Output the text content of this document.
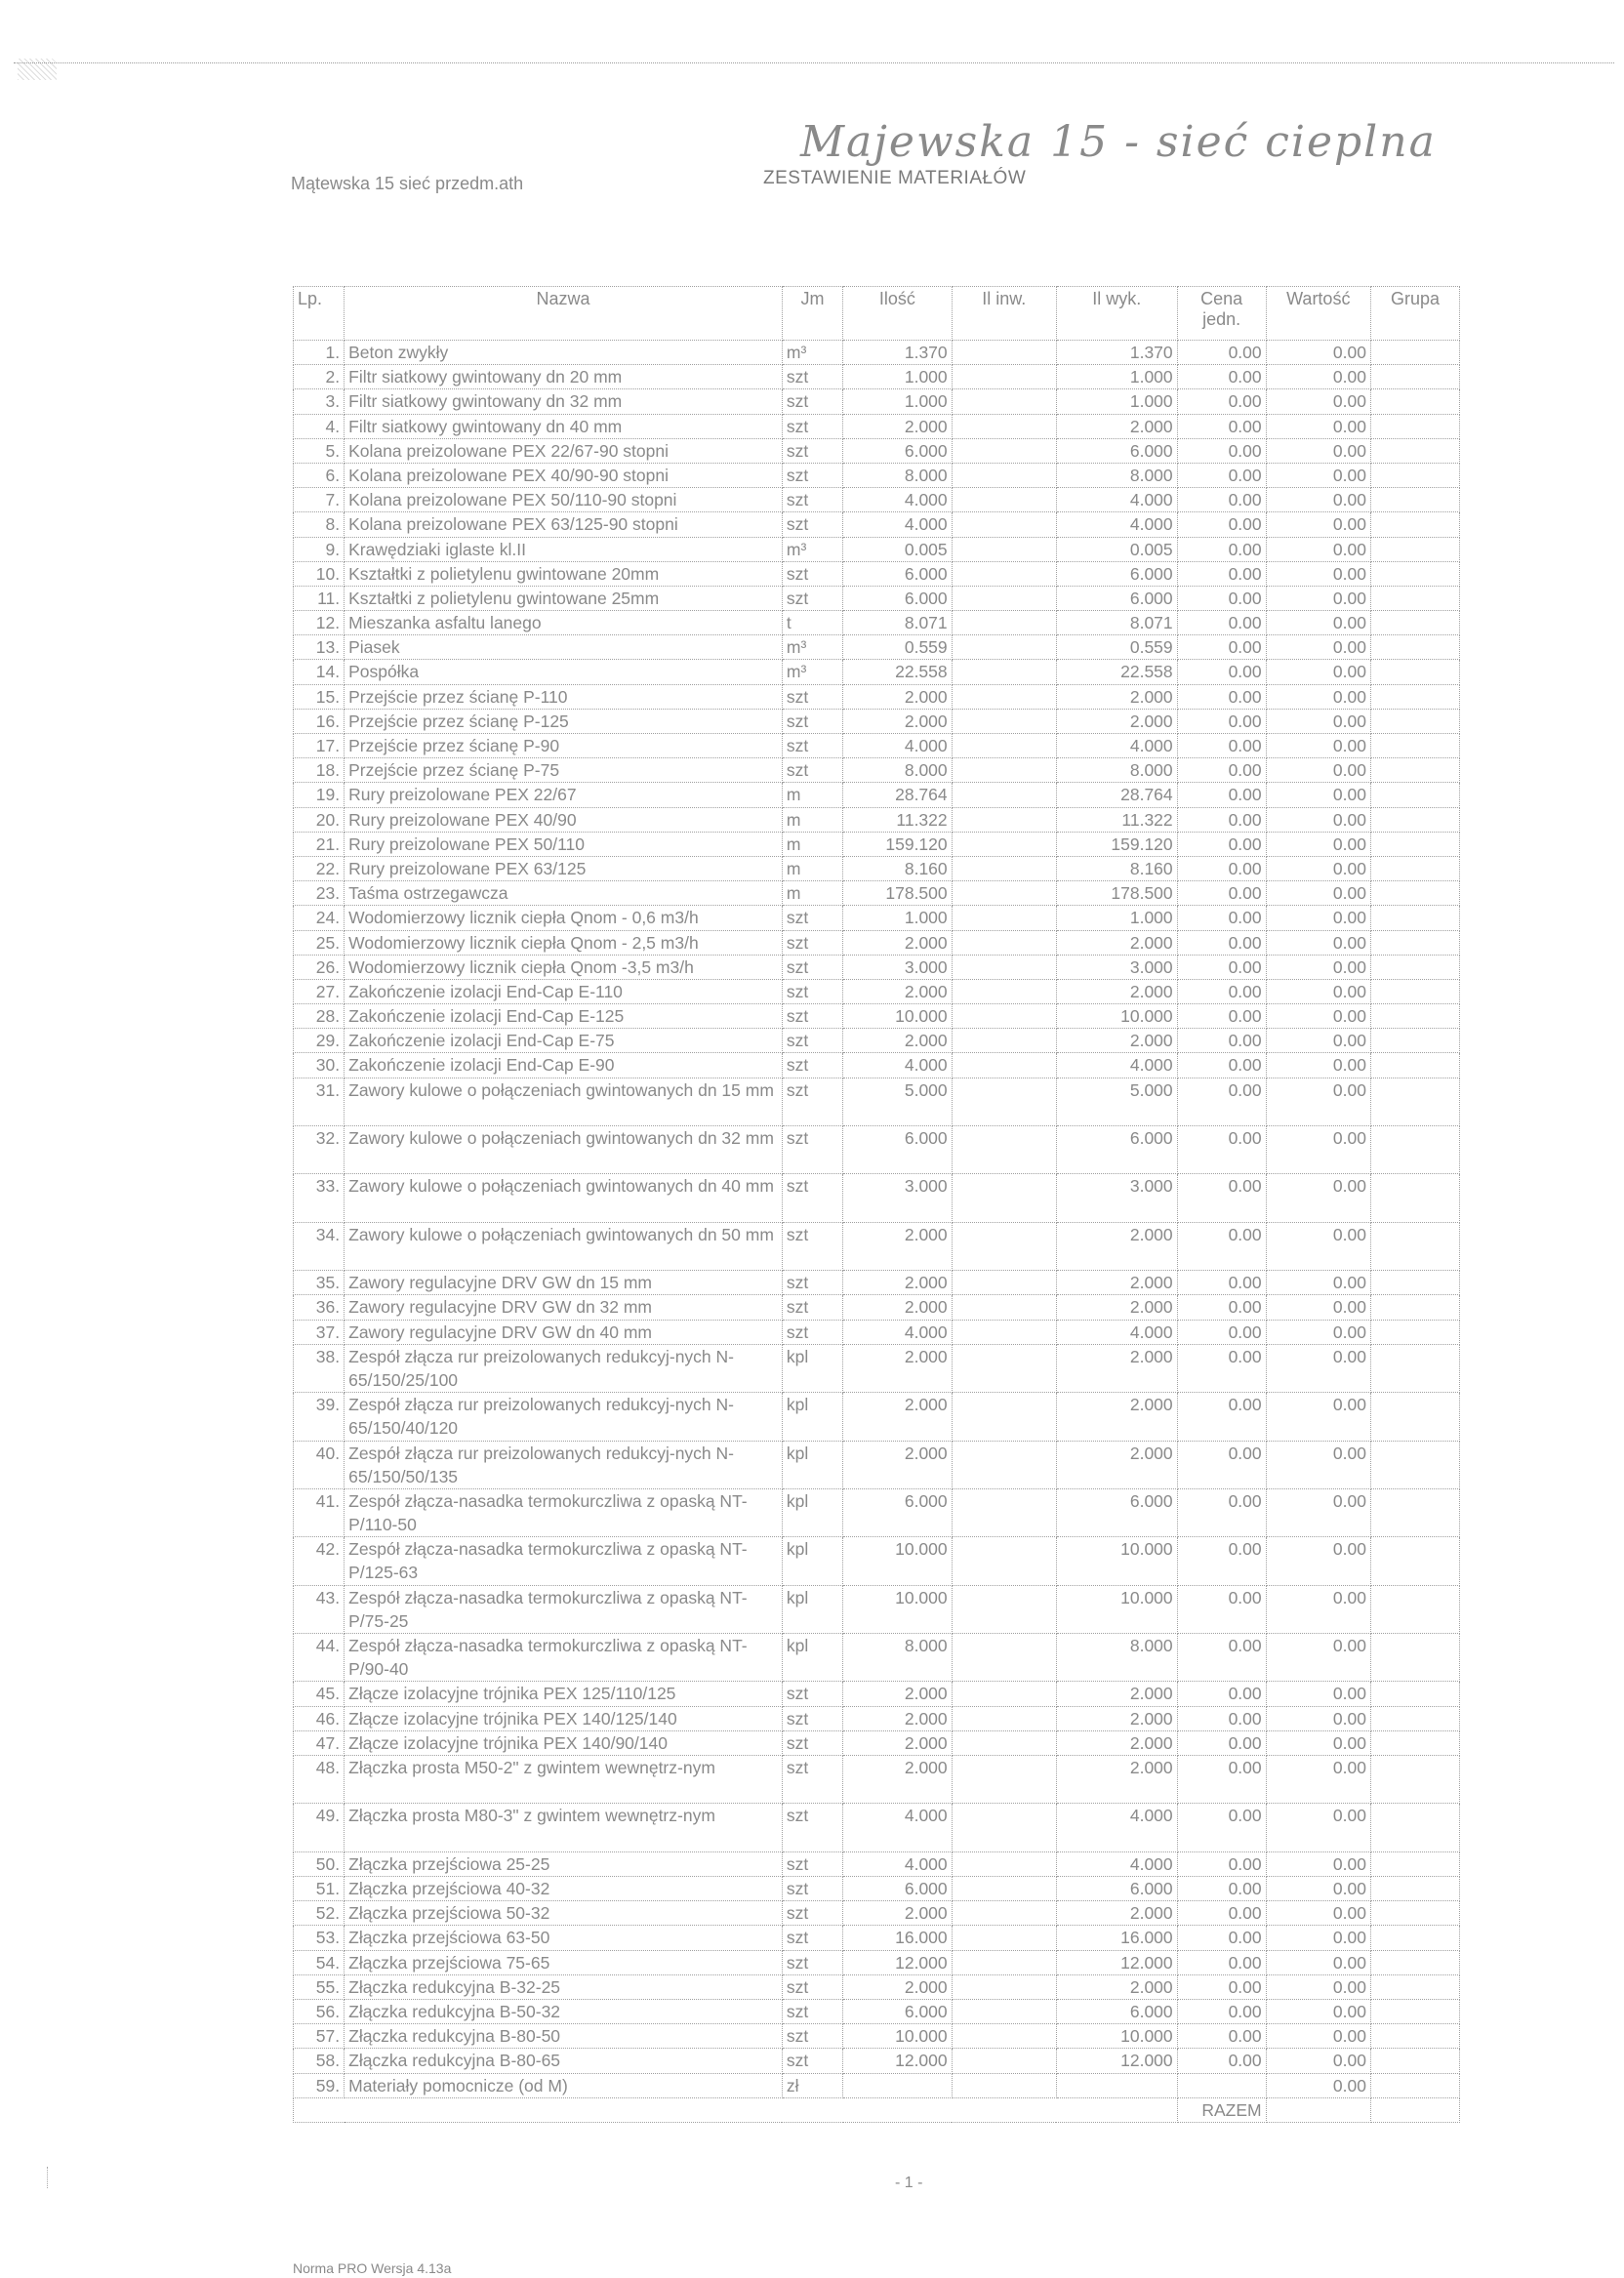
Majewska 15 - sieć cieplna
Mątewska 15 sieć przedm.ath	ZESTAWIENIE MATERIAŁÓW
Lp.	Nazwa	Jm	Ilość	Il inw.	Il wyk.	Cena jedn.	Wartość	Grupa
1.	Beton zwykły	m³	1.370		1.370	0.00	0.00	
2.	Filtr siatkowy gwintowany dn 20 mm	szt	1.000		1.000	0.00	0.00	
3.	Filtr siatkowy gwintowany dn 32 mm	szt	1.000		1.000	0.00	0.00	
4.	Filtr siatkowy gwintowany dn 40 mm	szt	2.000		2.000	0.00	0.00	
5.	Kolana preizolowane PEX 22/67-90 stopni	szt	6.000		6.000	0.00	0.00	
6.	Kolana preizolowane PEX 40/90-90 stopni	szt	8.000		8.000	0.00	0.00	
7.	Kolana preizolowane PEX 50/110-90 stopni	szt	4.000		4.000	0.00	0.00	
8.	Kolana preizolowane PEX 63/125-90 stopni	szt	4.000		4.000	0.00	0.00	
9.	Krawędziaki iglaste kl.II	m³	0.005		0.005	0.00	0.00	
10.	Kształtki z polietylenu gwintowane 20mm	szt	6.000		6.000	0.00	0.00	
11.	Kształtki z polietylenu gwintowane 25mm	szt	6.000		6.000	0.00	0.00	
12.	Mieszanka asfaltu lanego	t	8.071		8.071	0.00	0.00	
13.	Piasek	m³	0.559		0.559	0.00	0.00	
14.	Pospółka	m³	22.558		22.558	0.00	0.00	
15.	Przejście przez ścianę P-110	szt	2.000		2.000	0.00	0.00	
16.	Przejście przez ścianę P-125	szt	2.000		2.000	0.00	0.00	
17.	Przejście przez ścianę P-90	szt	4.000		4.000	0.00	0.00	
18.	Przejście przez ścianę P-75	szt	8.000		8.000	0.00	0.00	
19.	Rury preizolowane PEX 22/67	m	28.764		28.764	0.00	0.00	
20.	Rury preizolowane PEX 40/90	m	11.322		11.322	0.00	0.00	
21.	Rury preizolowane PEX 50/110	m	159.120		159.120	0.00	0.00	
22.	Rury preizolowane PEX 63/125	m	8.160		8.160	0.00	0.00	
23.	Taśma ostrzegawcza	m	178.500		178.500	0.00	0.00	
24.	Wodomierzowy licznik ciepła Qnom - 0,6 m3/h	szt	1.000		1.000	0.00	0.00	
25.	Wodomierzowy licznik ciepła Qnom - 2,5 m3/h	szt	2.000		2.000	0.00	0.00	
26.	Wodomierzowy licznik ciepła Qnom -3,5 m3/h	szt	3.000		3.000	0.00	0.00	
27.	Zakończenie izolacji End-Cap E-110	szt	2.000		2.000	0.00	0.00	
28.	Zakończenie izolacji End-Cap E-125	szt	10.000		10.000	0.00	0.00	
29.	Zakończenie izolacji End-Cap E-75	szt	2.000		2.000	0.00	0.00	
30.	Zakończenie izolacji End-Cap E-90	szt	4.000		4.000	0.00	0.00	
31.	Zawory kulowe o połączeniach gwintowanych dn 15 mm	szt	5.000		5.000	0.00	0.00	
32.	Zawory kulowe o połączeniach gwintowanych dn 32 mm	szt	6.000		6.000	0.00	0.00	
33.	Zawory kulowe o połączeniach gwintowanych dn 40 mm	szt	3.000		3.000	0.00	0.00	
34.	Zawory kulowe o połączeniach gwintowanych dn 50 mm	szt	2.000		2.000	0.00	0.00	
35.	Zawory regulacyjne DRV GW dn 15 mm	szt	2.000		2.000	0.00	0.00	
36.	Zawory regulacyjne DRV GW dn 32 mm	szt	2.000		2.000	0.00	0.00	
37.	Zawory regulacyjne DRV GW dn 40 mm	szt	4.000		4.000	0.00	0.00	
38.	Zespół złącza rur preizolowanych redukcyj-nych N-65/150/25/100	kpl	2.000		2.000	0.00	0.00	
39.	Zespół złącza rur preizolowanych redukcyj-nych N-65/150/40/120	kpl	2.000		2.000	0.00	0.00	
40.	Zespół złącza rur preizolowanych redukcyj-nych N-65/150/50/135	kpl	2.000		2.000	0.00	0.00	
41.	Zespół złącza-nasadka termokurczliwa z opaską NT-P/110-50	kpl	6.000		6.000	0.00	0.00	
42.	Zespół złącza-nasadka termokurczliwa z opaską NT-P/125-63	kpl	10.000		10.000	0.00	0.00	
43.	Zespół złącza-nasadka termokurczliwa z opaską NT-P/75-25	kpl	10.000		10.000	0.00	0.00	
44.	Zespół złącza-nasadka termokurczliwa z opaską NT-P/90-40	kpl	8.000		8.000	0.00	0.00	
45.	Złącze izolacyjne trójnika PEX 125/110/125	szt	2.000		2.000	0.00	0.00	
46.	Złącze izolacyjne trójnika PEX 140/125/140	szt	2.000		2.000	0.00	0.00	
47.	Złącze izolacyjne trójnika PEX 140/90/140	szt	2.000		2.000	0.00	0.00	
48.	Złączka prosta M50-2" z gwintem wewnętrz-nym	szt	2.000		2.000	0.00	0.00	
49.	Złączka prosta M80-3" z gwintem wewnętrz-nym	szt	4.000		4.000	0.00	0.00	
50.	Złączka przejściowa 25-25	szt	4.000		4.000	0.00	0.00	
51.	Złączka przejściowa 40-32	szt	6.000		6.000	0.00	0.00	
52.	Złączka przejściowa 50-32	szt	2.000		2.000	0.00	0.00	
53.	Złączka przejściowa 63-50	szt	16.000		16.000	0.00	0.00	
54.	Złączka przejściowa 75-65	szt	12.000		12.000	0.00	0.00	
55.	Złączka redukcyjna B-32-25	szt	2.000		2.000	0.00	0.00	
56.	Złączka redukcyjna B-50-32	szt	6.000		6.000	0.00	0.00	
57.	Złączka redukcyjna B-80-50	szt	10.000		10.000	0.00	0.00	
58.	Złączka redukcyjna B-80-65	szt	12.000		12.000	0.00	0.00	
59.	Materiały pomocnicze (od M)	zł					0.00	
						RAZEM		
- 1 -
Norma PRO Wersja 4.13a
